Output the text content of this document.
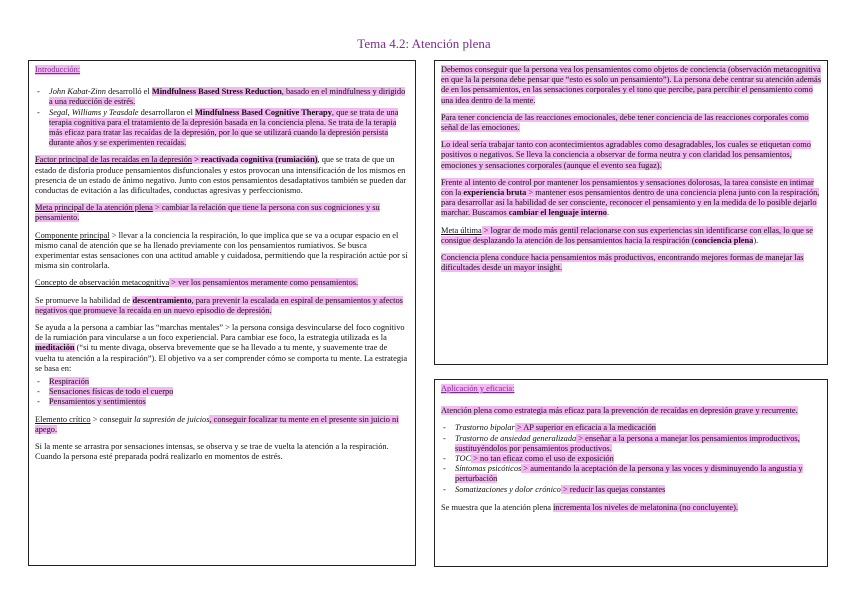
Tema 4.2: Atención plena
Introducción:
- John Kabat-Zinn desarrolló el Mindfulness Based Stress Reduction, basado en el mindfulness y dirigido a una reducción de estrés.
- Segal, Williams y Teasdale desarrollaron el Mindfulness Based Cognitive Therapy, que se trata de una terapia cognitiva para el tratamiento de la depresión basada en la conciencia plena. Se trata de la terapia más eficaz para tratar las recaídas de la depresión, por lo que se utilizará cuando la depresión persista durante años y se experimenten recaídas.

Factor principal de las recaídas en la depresión > reactivada cognitiva (rumiación), que se trata de que un estado de disforia produce pensamientos disfuncionales y estos provocan una intensificación de los mismos en presencia de un estado de ánimo negativo. Junto con estos pensamientos desadaptativos también se pueden dar conductas de evitación a las dificultades, conductas agresivas y perfeccionismo.

Meta principal de la atención plena > cambiar la relación que tiene la persona con sus cogniciones y su pensamiento.

Componente principal > llevar a la conciencia la respiración, lo que implica que se va a ocupar espacio en el mismo canal de atención que se ha llenado previamente con los pensamientos rumiativos. Se busca experimentar estas sensaciones con una actitud amable y cuidadosa, permitiendo que la respiración actúe por sí misma sin controlarla.

Concepto de observación metacognitiva > ver los pensamientos meramente como pensamientos.

Se promueve la habilidad de descentramiento, para prevenir la escalada en espiral de pensamientos y afectos negativos que promueve la recaída en un nuevo episodio de depresión.

Se ayuda a la persona a cambiar las “marchas mentales” > la persona consiga desvincularse del foco cognitivo de la rumiación para vincularse a un foco experiencial. Para cambiar ese foco, la estrategia utilizada es la meditación (“si tu mente divaga, observa brevemente que se ha llevado a tu mente, y suavemente trae de vuelta tu atención a la respiración”). El objetivo va a ser comprender cómo se comporta tu mente. La estrategia se basa en:

- Respiración
- Sensaciones físicas de todo el cuerpo
- Pensamientos y sentimientos

Elemento crítico > conseguir la supresión de juicios, conseguir focalizar tu mente en el presente sin juicio ni apego.

Si la mente se arrastra por sensaciones intensas, se observa y se trae de vuelta la atención a la respiración. Cuando la persona esté preparada podrá realizarlo en momentos de estrés.

Debemos conseguir que la persona vea los pensamientos como objetos de conciencia (observación metacognitiva en que la la persona debe pensar que “esto es solo un pensamiento”). La persona debe centrar su atención además de en los pensamientos, en las sensaciones corporales y el tono que percibe, para percibir el pensamiento como una idea dentro de la mente.

Para tener conciencia de las reacciones emocionales, debe tener conciencia de las reacciones corporales como señal de las emociones.

Lo ideal sería trabajar tanto con acontecimientos agradables como desagradables, los cuales se etiquetan como positivos o negativos. Se lleva la conciencia a observar de forma neutra y con claridad los pensamientos, emociones y sensaciones corporales (aunque el evento sea fugaz).

Frente al intento de control por mantener los pensamientos y sensaciones dolorosas, la tarea consiste en intimar con la experiencia bruta > mantener esos pensamientos dentro de una conciencia plena junto con la respiración, para desarrollar así la habilidad de ser consciente, reconocer el pensamiento y en la medida de lo posible dejarlo marchar. Buscamos cambiar el lenguaje interno.

Meta última > lograr de modo más gentil relacionarse con sus experiencias sin identificarse con ellas, lo que se consigue desplazando la atención de los pensamientos hacia la respiración (conciencia plena).

Conciencia plena conduce hacia pensamientos más productivos, encontrando mejores formas de manejar las dificultades desde un mayor insight.

Aplicación y eficacia:

Atención plena como estrategia más eficaz para la prevención de recaídas en depresión grave y recurrente.

- Trastorno bipolar > AP superior en eficacia a la medicación
- Trastorno de ansiedad generalizada > enseñar a la persona a manejar los pensamientos improductivos, sustituyéndolos por pensamientos productivos.
- TOC > no tan eficaz como el uso de exposición
- Síntomas psicóticos > aumentando la aceptación de la persona y las voces y disminuyendo la angustia y perturbación
- Somatizaciones y dolor crónico > reducir las quejas constantes

Se muestra que la atención plena incrementa los niveles de melatonina (no concluyente).
